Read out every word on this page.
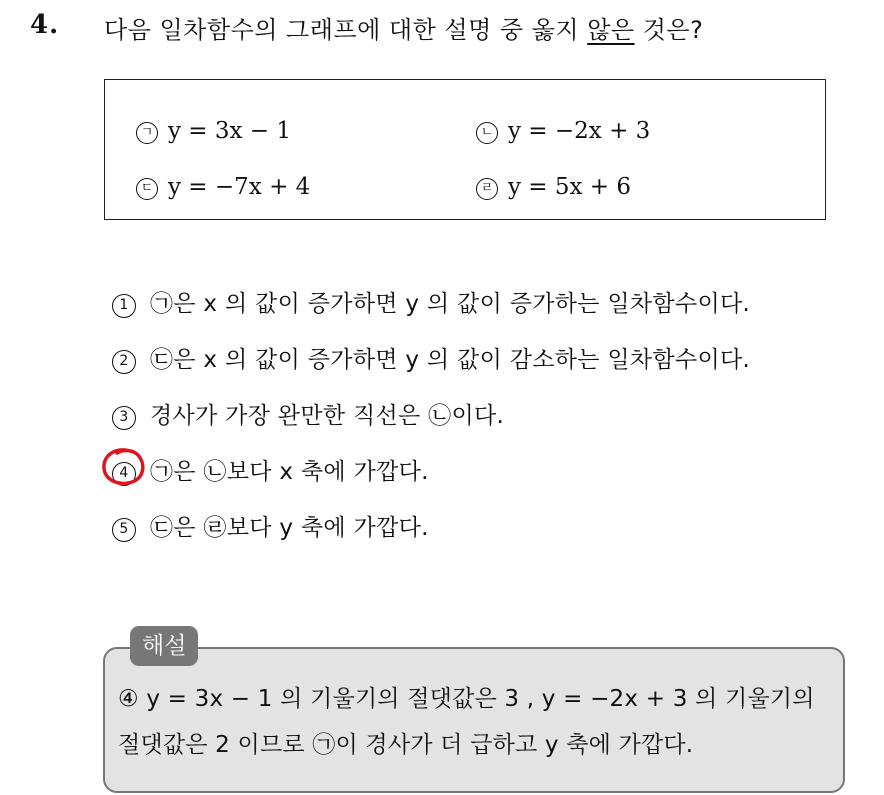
4. 다음 일차함수의 그래프에 대한 설명 중 옳지 않은 것은?
ㄱ y = 3x − 1	ㄴ y = −2x + 3
ㄷ y = −7x + 4	ㄹ y = 5x + 6
1 ㉠은 x 의 값이 증가하면 y 의 값이 증가하는 일차함수이다.
2 ㉢은 x 의 값이 증가하면 y 의 값이 감소하는 일차함수이다.
3 경사가 가장 완만한 직선은 ㉡이다.
4 ㉠은 ㉡보다 x 축에 가깝다.
5 ㉢은 ㉣보다 y 축에 가깝다.
해설
④ y = 3x − 1 의 기울기의 절댓값은 3 , y = −2x + 3 의 기울기의
절댓값은 2 이므로 ㉠이 경사가 더 급하고 y 축에 가깝다.
